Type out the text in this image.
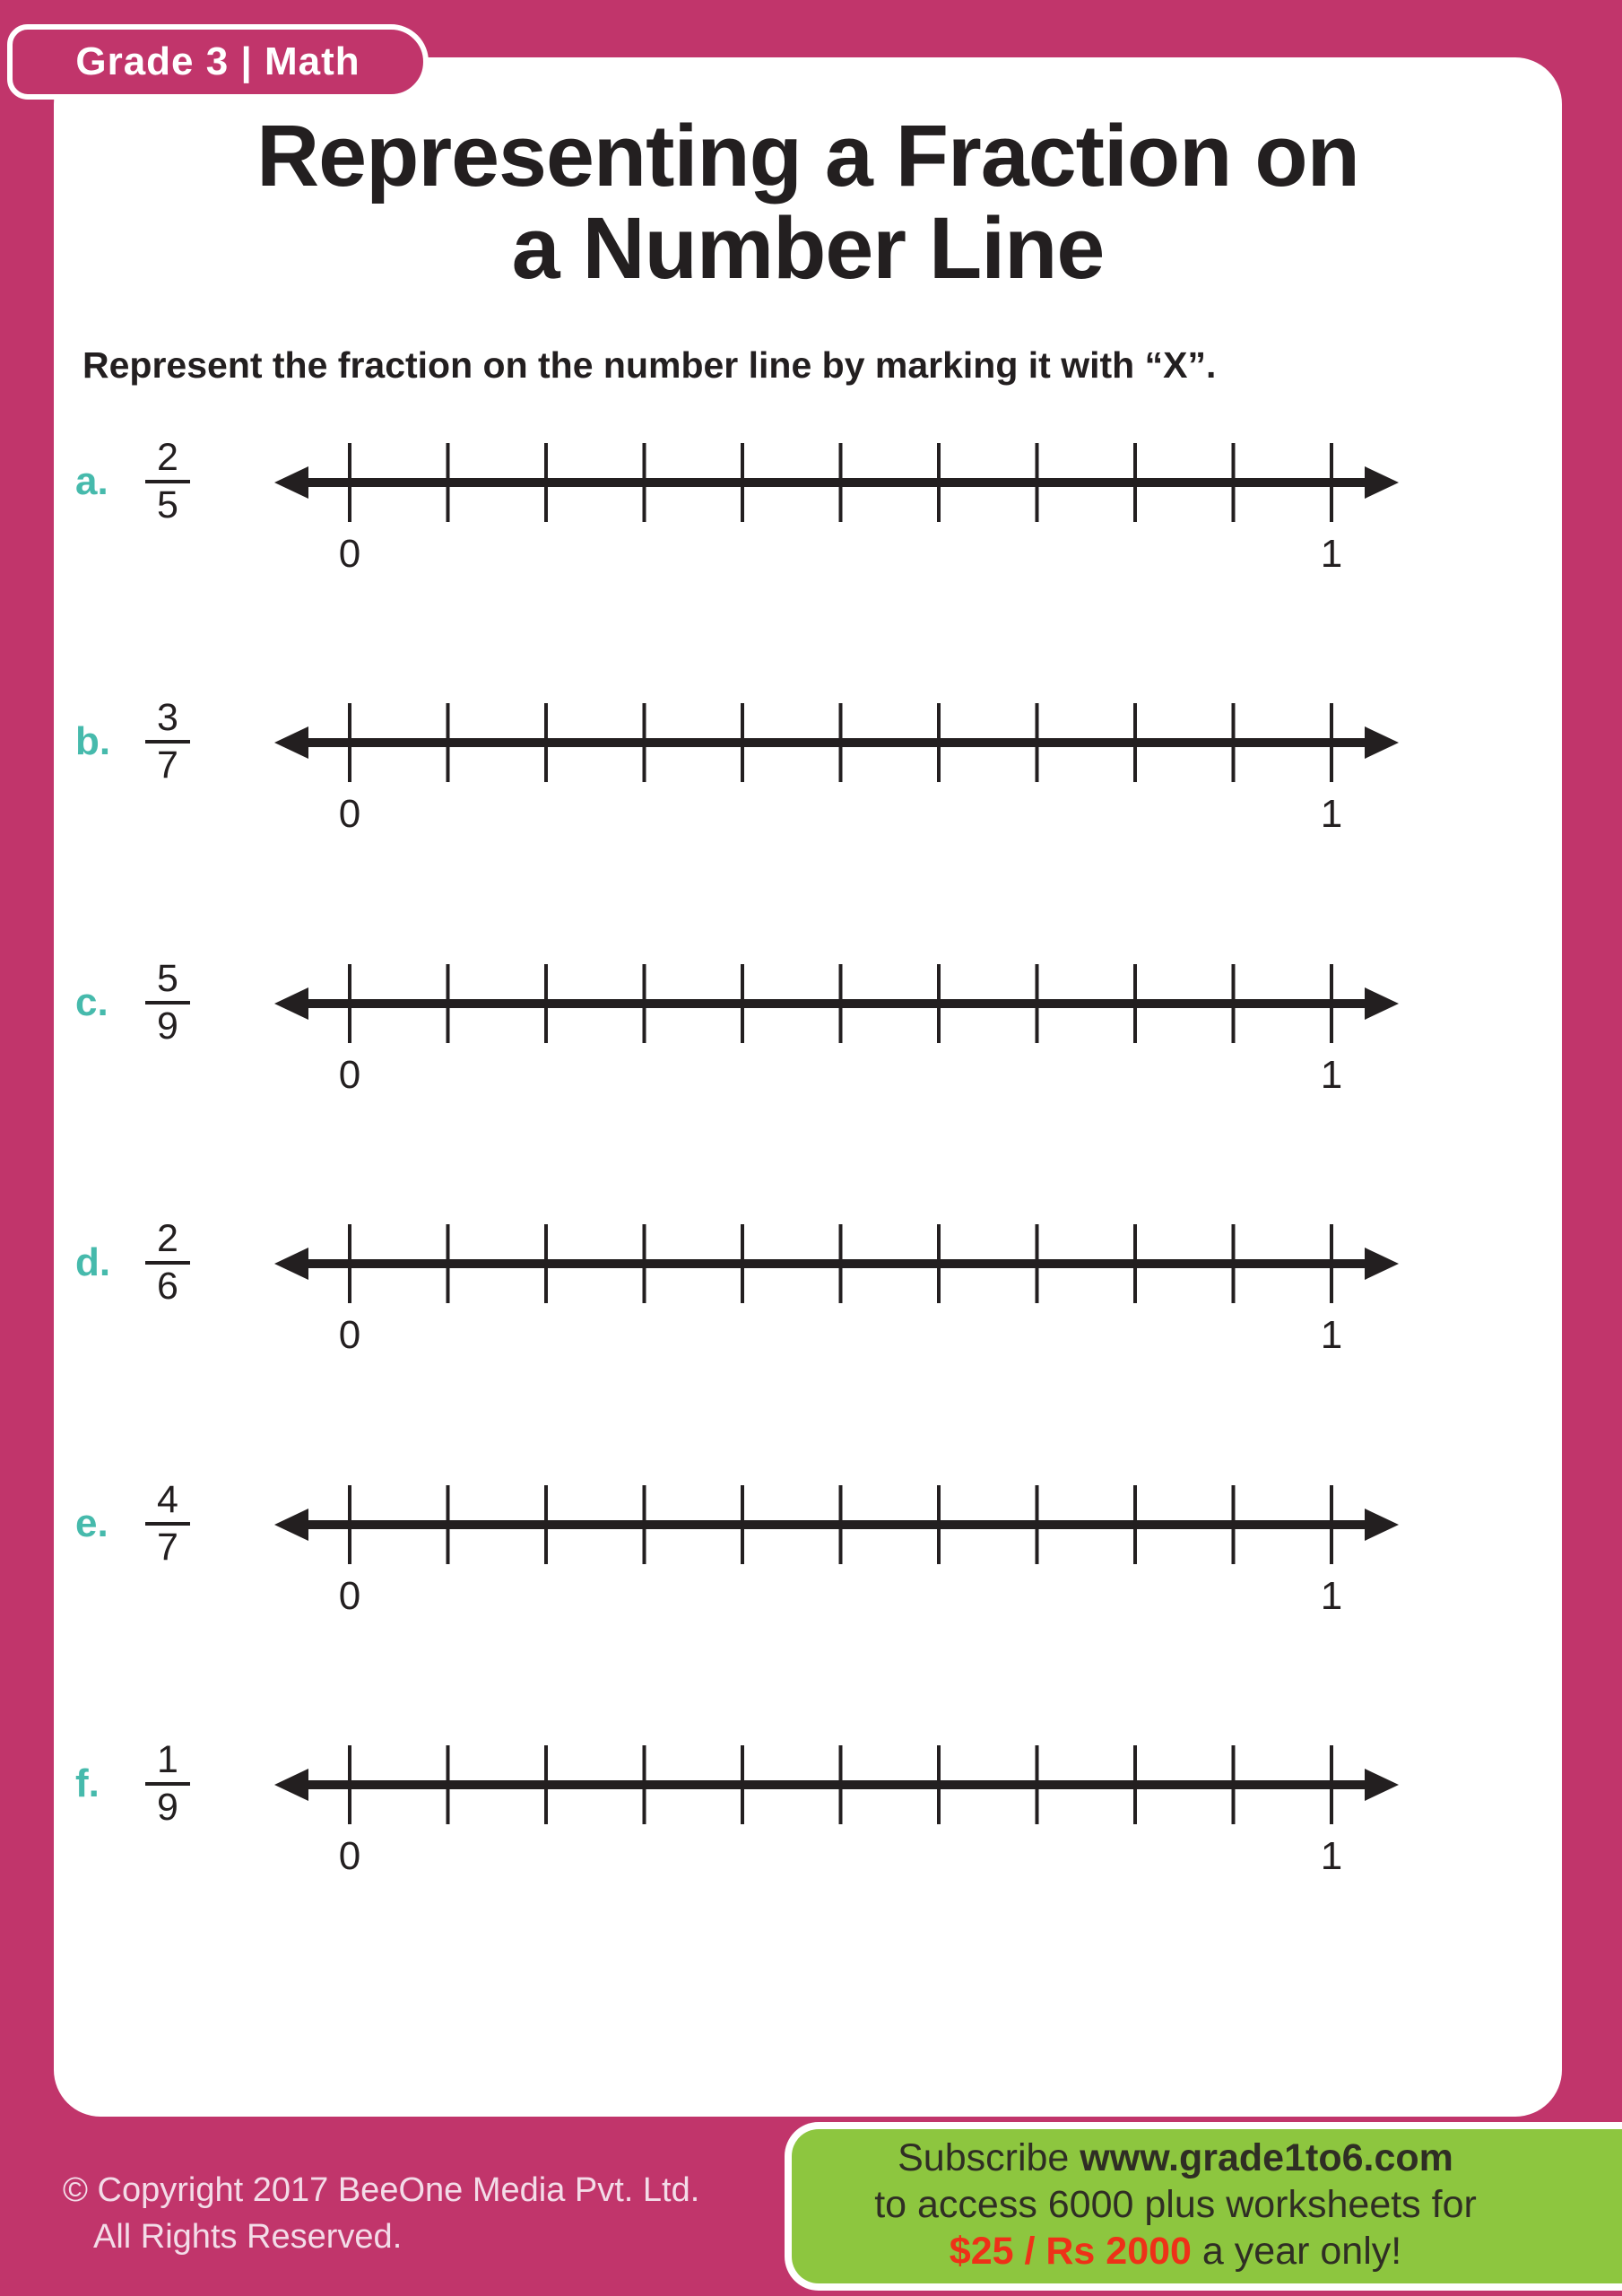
Grade 3 | Math
Representing a Fraction on
a Number Line
Represent the fraction on the number line by marking it with “X”.
a. $\frac{2}{5}$
0	1
b. $\frac{3}{7}$
0	1
c. $\frac{5}{9}$
0	1
d. $\frac{2}{6}$
0	1
e. $\frac{4}{7}$
0	1
f. $\frac{1}{9}$
0	1
© Copyright 2017 BeeOne Media Pvt. Ltd.
All Rights Reserved.
Subscribe www.grade1to6.com
to access 6000 plus worksheets for
$25 / Rs 2000 a year only!
